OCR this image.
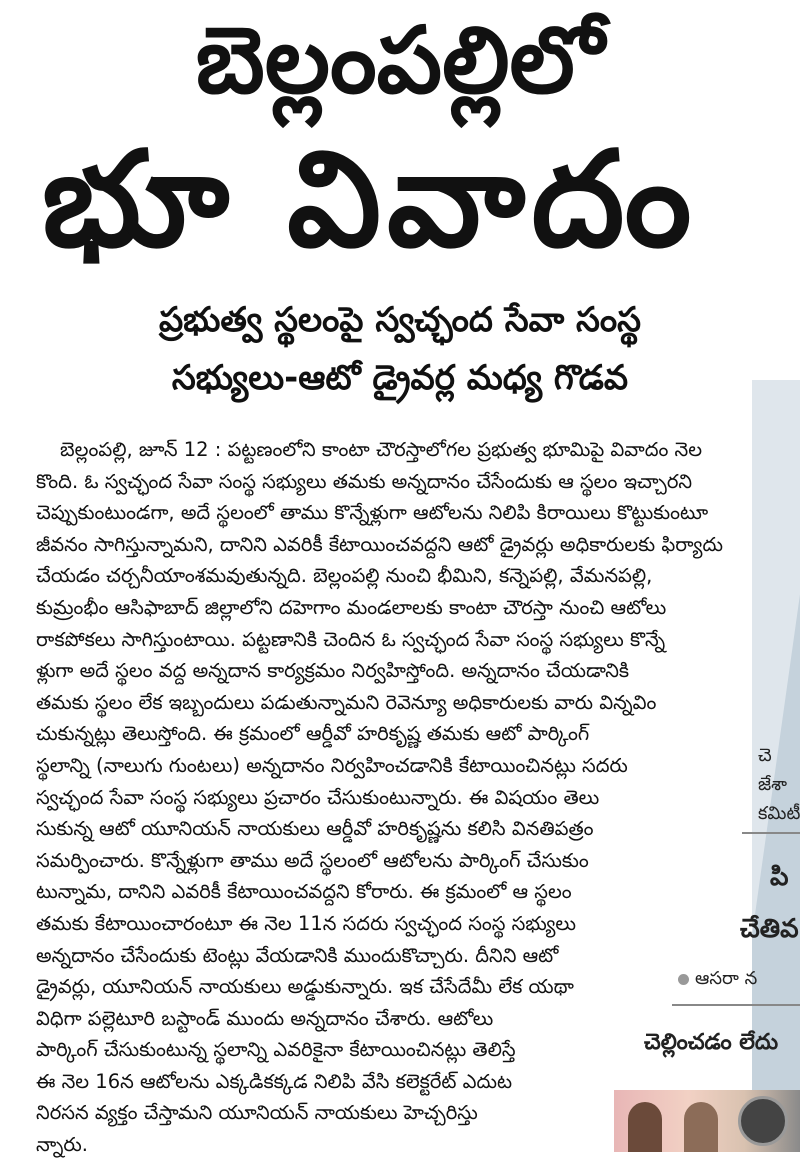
బెల్లంపల్లిలో
భూ వివాదం
ప్రభుత్వ స్థలంపై స్వచ్ఛంద సేవా సంస్థ
సభ్యులు-ఆటో డ్రైవర్ల మధ్య గొడవ
బెల్లంపల్లి, జూన్ 12 : పట్టణంలోని కాంటా చౌరస్తాలోగల ప్రభుత్వ భూమిపై వివాదం నెల
కొంది. ఓ స్వచ్ఛంద సేవా సంస్థ సభ్యులు తమకు అన్నదానం చేసేందుకు ఆ స్థలం ఇచ్చారని
చెప్పుకుంటుండగా, అదే స్థలంలో తాము కొన్నేళ్లుగా ఆటోలను నిలిపి కిరాయిలు కొట్టుకుంటూ
జీవనం సాగిస్తున్నామని, దానిని ఎవరికీ కేటాయించవద్దని ఆటో డ్రైవర్లు అధికారులకు ఫిర్యాదు
చేయడం చర్చనీయాంశమవుతున్నది. బెల్లంపల్లి నుంచి భీమిని, కన్నెపల్లి, వేమనపల్లి,
కుమ్రంభీం ఆసిఫాబాద్ జిల్లాలోని దహెగాం మండలాలకు కాంటా చౌరస్తా నుంచి ఆటోలు
రాకపోకలు సాగిస్తుంటాయి. పట్టణానికి చెందిన ఓ స్వచ్ఛంద సేవా సంస్థ సభ్యులు కొన్నే
ళ్లుగా అదే స్థలం వద్ద అన్నదాన కార్యక్రమం నిర్వహిస్తోంది. అన్నదానం చేయడానికి
తమకు స్థలం లేక ఇబ్బందులు పడుతున్నామని రెవెన్యూ అధికారులకు వారు విన్నవిం
చుకున్నట్లు తెలుస్తోంది. ఈ క్రమంలో ఆర్డీవో హరికృష్ణ తమకు ఆటో పార్కింగ్
స్థలాన్ని (నాలుగు గుంటలు) అన్నదానం నిర్వహించడానికి కేటాయించినట్లు సదరు
స్వచ్ఛంద సేవా సంస్థ సభ్యులు ప్రచారం చేసుకుంటున్నారు. ఈ విషయం తెలు
సుకున్న ఆటో యూనియన్ నాయకులు ఆర్డీవో హరికృష్ణను కలిసి వినతిపత్రం
సమర్పించారు. కొన్నేళ్లుగా తాము అదే స్థలంలో ఆటోలను పార్కింగ్ చేసుకుం
టున్నామ, దానిని ఎవరికీ కేటాయించవద్దని కోరారు. ఈ క్రమంలో ఆ స్థలం
తమకు కేటాయించారంటూ ఈ నెల 11న సదరు స్వచ్ఛంద సంస్థ సభ్యులు
అన్నదానం చేసేందుకు టెంట్లు వేయడానికి ముందుకొచ్చారు. దీనిని ఆటో
డ్రైవర్లు, యూనియన్ నాయకులు అడ్డుకున్నారు. ఇక చేసేదేమీ లేక యథా
విధిగా పల్లెటూరి బస్టాండ్ ముందు అన్నదానం చేశారు. ఆటోలు
పార్కింగ్ చేసుకుంటున్న స్థలాన్ని ఎవరికైనా కేటాయించినట్లు తెలిస్తే
ఈ నెల 16న ఆటోలను ఎక్కడికక్కడ నిలిపి వేసి కలెక్టరేట్ ఎదుట
నిరసన వ్యక్తం చేస్తామని యూనియన్ నాయకులు హెచ్చరిస్తు
న్నారు.
చె
జేశా
కమిటీ
పి
చేతివ
ఆసరా న
చెల్లించడం లేదు
